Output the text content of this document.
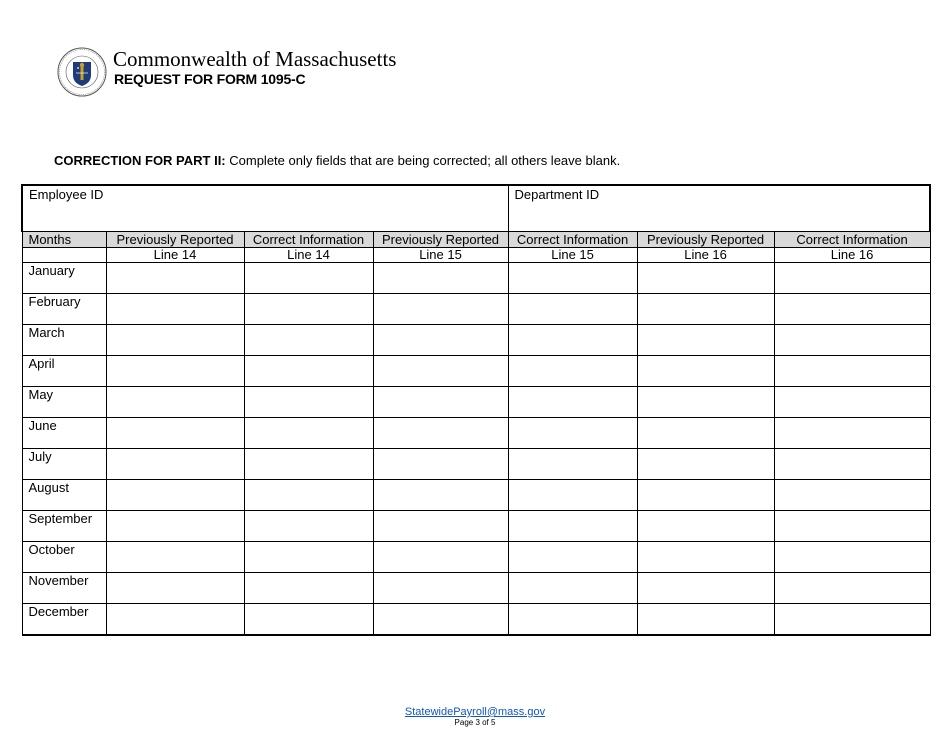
Commonwealth of Massachusetts
REQUEST FOR FORM 1095-C
CORRECTION FOR PART II: Complete only fields that are being corrected; all others leave blank.
Employee ID				Department ID		

Months	Previously Reported	Correct Information	Previously Reported	Correct Information	Previously Reported	Correct Information
	Line 14	Line 14	Line 15	Line 15	Line 16	Line 16
January						
February						
March						
April						
May						
June						
July						
August						
September						
October						
November						
December						
StatewidePayroll@mass.gov
Page 3 of 5
